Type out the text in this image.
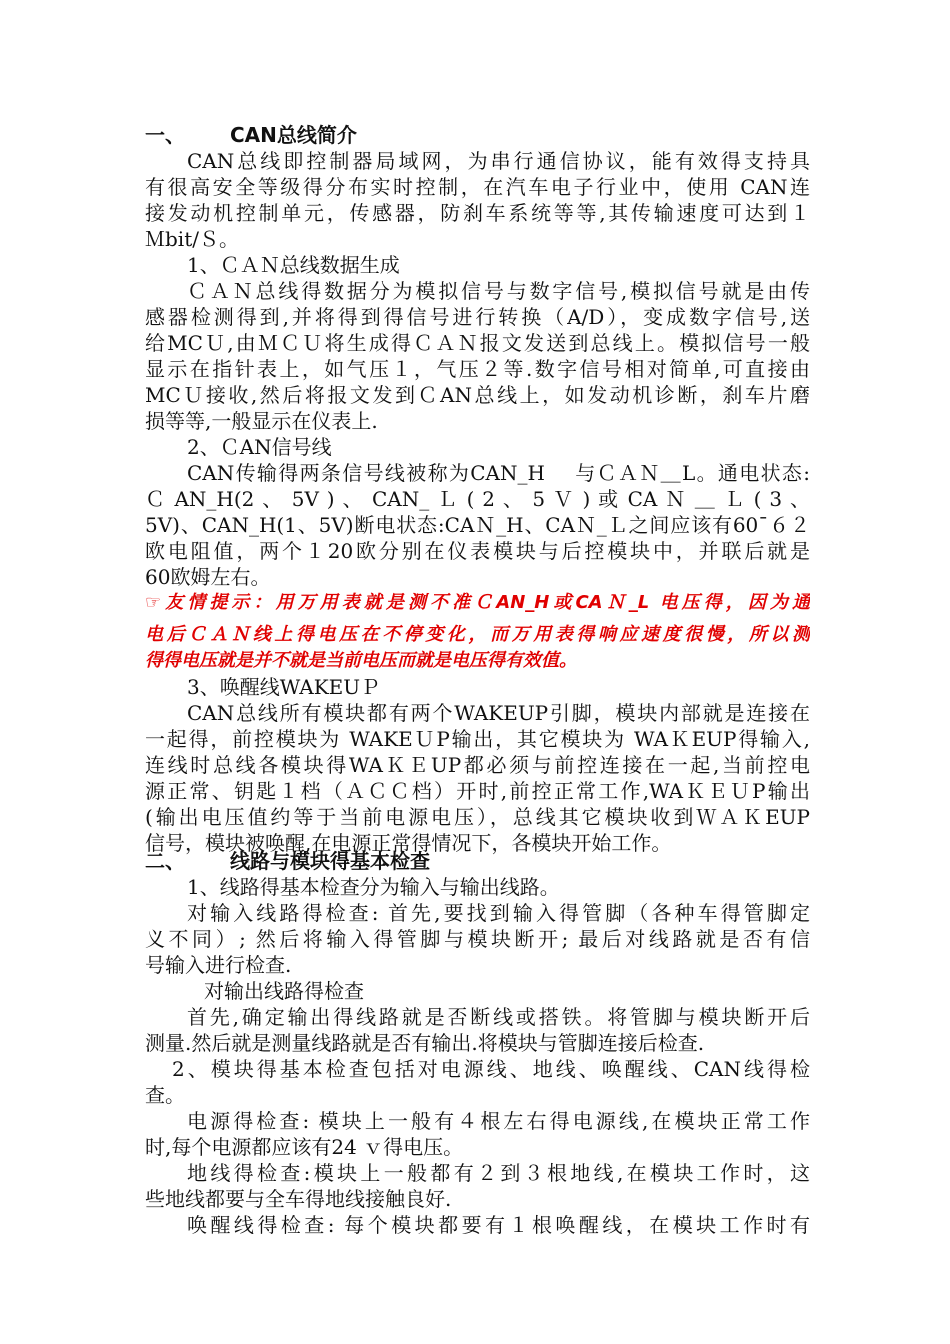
一、 CAN总线简介
CAN总线即控制器局域网，为串行通信协议，能有效得支持具
有很高安全等级得分布实时控制，在汽车电子行业中，使用 CAN连
接发动机控制单元，传感器，防刹车系统等等,其传输速度可达到１
Ｍbit/Ｓ。
1、ＣＡＮ总线数据生成
ＣＡＮ总线得数据分为模拟信号与数字信号,模拟信号就是由传
感器检测得到,并将得到得信号进行转换（A/D），变成数字信号,送
给MCＵ,由ＭＣＵ将生成得ＣＡＮ报文发送到总线上。模拟信号一般
显示在指针表上，如气压１，气压２等.数字信号相对简单,可直接由
MCＵ接收,然后将报文发到ＣAN总线上，如发动机诊断，刹车片磨
损等等,一般显示在仪表上.
2、ＣAN信号线
CAN传输得两条信号线被称为CAN_H　 与ＣＡＮ＿L。通电状态:
Ｃ AN_H(2 、 5V ) 、 CAN_ Ｌ ( 2 、 5 Ｖ ) 或 CA Ｎ ＿ Ｌ ( 3 、
5V)、CAN_H(1、5V)断电状态:CAＮ_H、CAＮ_Ｌ之间应该有60¯６２
欧电阻值，两个１20欧分别在仪表模块与后控模块中，并联后就是
60欧姆左右。
☞友情提示：用万用表就是测不准ＣAN_H或CAＮ_L 电压得，因为通
电后ＣＡＮ线上得电压在不停变化，而万用表得响应速度很慢，所以测
得得电压就是并不就是当前电压而就是电压得有效值。
3、唤醒线WAKEUＰ
CAN总线所有模块都有两个WAKEUP引脚，模块内部就是连接在
一起得，前控模块为 WAKEＵP输出，其它模块为 WAＫEUP得输入,
连线时总线各模块得WAＫＥUP都必须与前控连接在一起,当前控电
源正常、钥匙１档（ＡＣＣ档）开时,前控正常工作,WAＫＥＵP输出
(输出电压值约等于当前电源电压），总线其它模块收到ＷＡＫEUP
信号，模块被唤醒,在电源正常得情况下，各模块开始工作。
二、 线路与模块得基本检查
1、线路得基本检查分为输入与输出线路。
对输入线路得检查: 首先,要找到输入得管脚（各种车得管脚定
义不同）; 然后将输入得管脚与模块断开; 最后对线路就是否有信
号输入进行检查.
对输出线路得检查
首先,确定输出得线路就是否断线或搭铁。将管脚与模块断开后
测量.然后就是测量线路就是否有输出.将模块与管脚连接后检查.
2、模块得基本检查包括对电源线、地线、唤醒线、CAN线得检
查。
电源得检查: 模块上一般有４根左右得电源线,在模块正常工作
时,每个电源都应该有24 ｖ得电压。
地线得检查:模块上一般都有２到３根地线,在模块工作时，这
些地线都要与全车得地线接触良好.
唤醒线得检查: 每个模块都要有１根唤醒线，在模块工作时有
